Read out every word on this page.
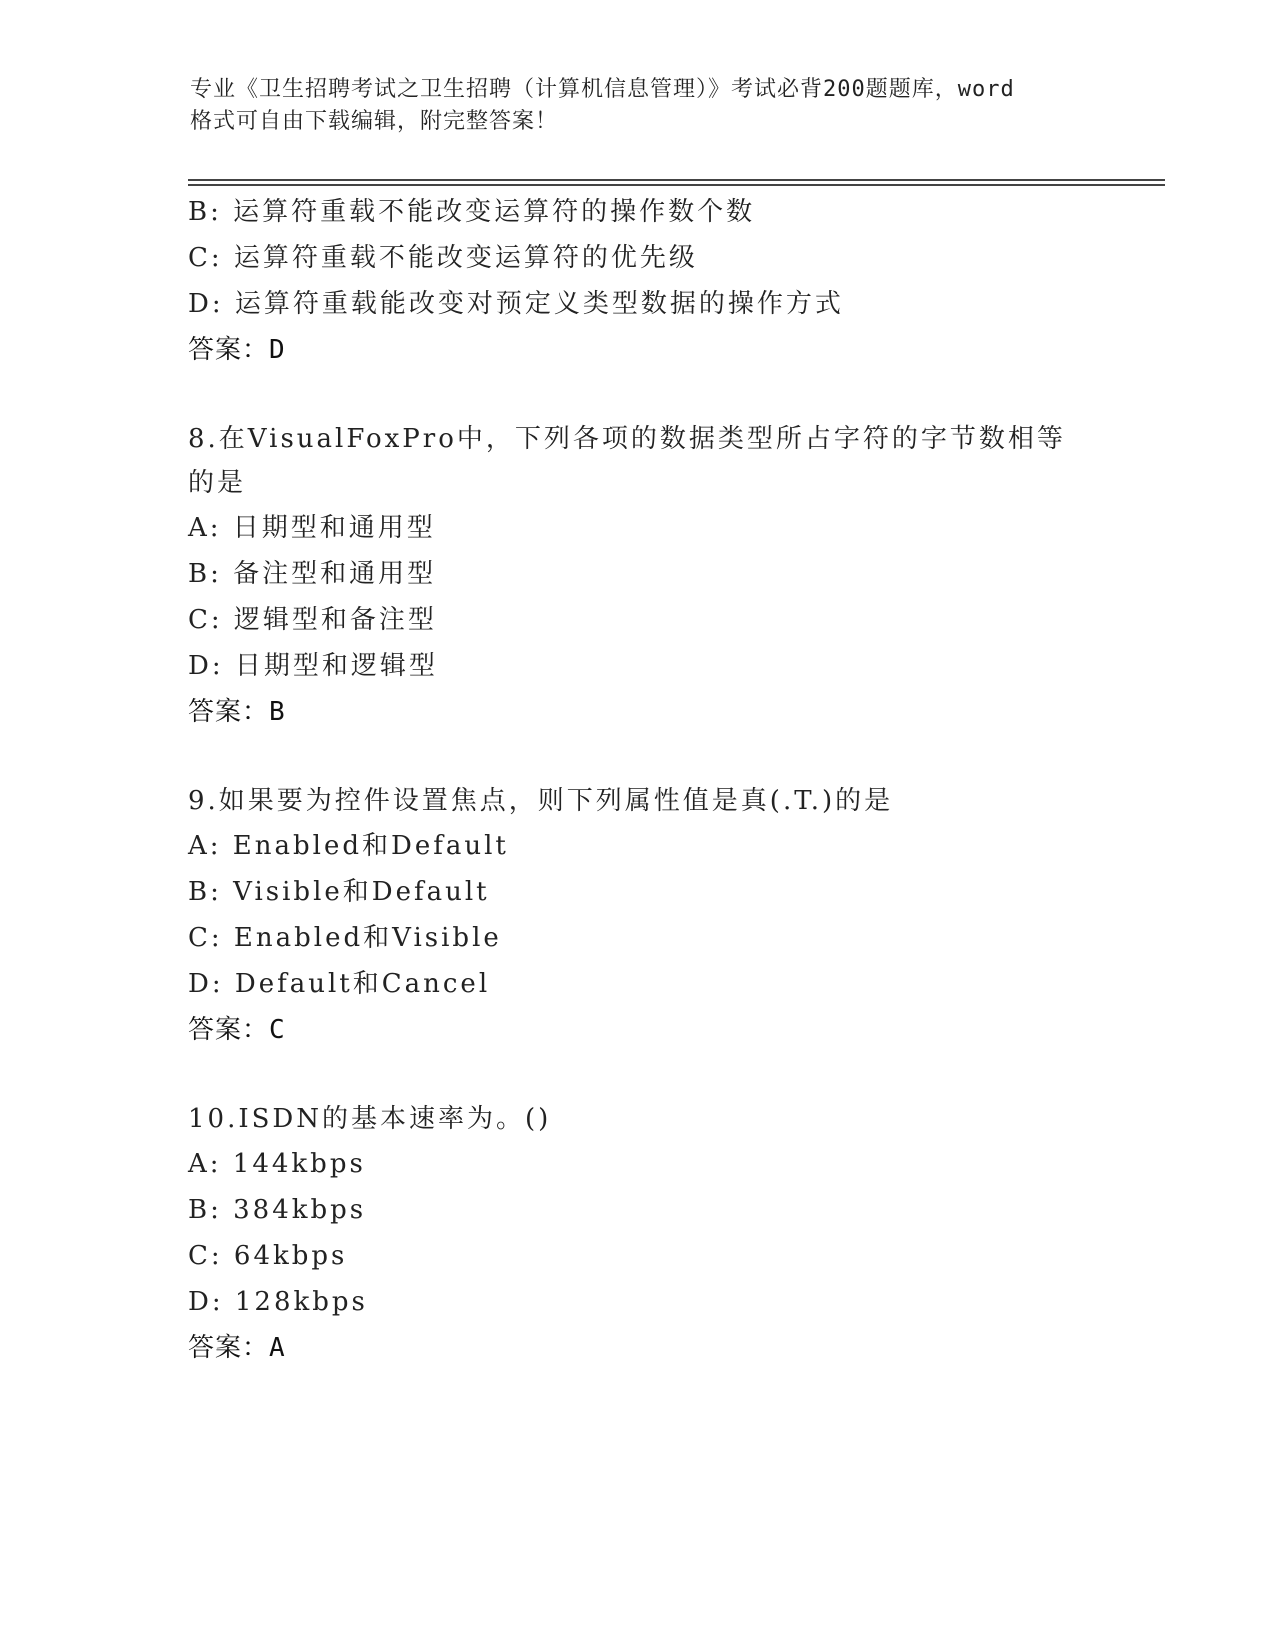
专业《卫生招聘考试之卫生招聘（计算机信息管理）》考试必背200题题库，word
格式可自由下载编辑，附完整答案！
B: 运算符重载不能改变运算符的操作数个数
C: 运算符重载不能改变运算符的优先级
D: 运算符重载能改变对预定义类型数据的操作方式
答案：D
8.在VisualFoxPro中，下列各项的数据类型所占字符的字节数相等的是
A: 日期型和通用型
B: 备注型和通用型
C: 逻辑型和备注型
D: 日期型和逻辑型
答案：B
9.如果要为控件设置焦点，则下列属性值是真(.T.)的是
A: Enabled和Default
B: Visible和Default
C: Enabled和Visible
D: Default和Cancel
答案：C
10.ISDN的基本速率为。()
A: 144kbps
B: 384kbps
C: 64kbps
D: 128kbps
答案：A
